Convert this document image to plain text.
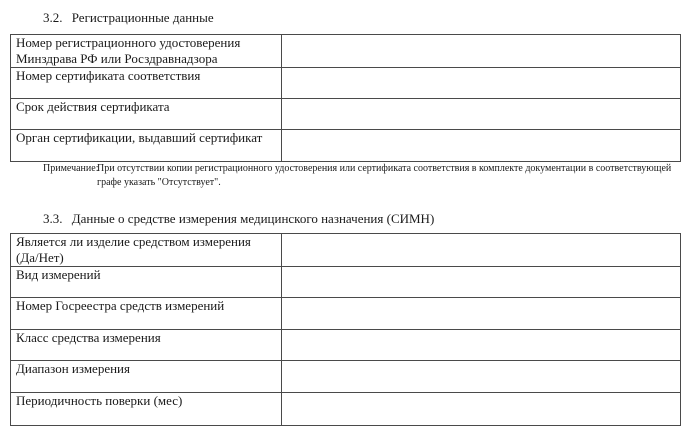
3.2. Регистрационные данные
Номер регистрационного удостоверения Минздрава РФ или Росздравнадзора	
Номер сертификата соответствия	
Срок действия сертификата	
Орган сертификации, выдавший сертификат	
Примечание:
При отсутствии копии регистрационного удостоверения или сертификата соответствия в комплекте документации в соответствующей графе указать "Отсутствует".
3.3. Данные о средстве измерения медицинского назначения (СИМН)
Является ли изделие средством измерения (Да/Нет)	
Вид измерений	
Номер Госреестра средств измерений	
Класс средства измерения	
Диапазон измерения	
Периодичность поверки (мес)	
